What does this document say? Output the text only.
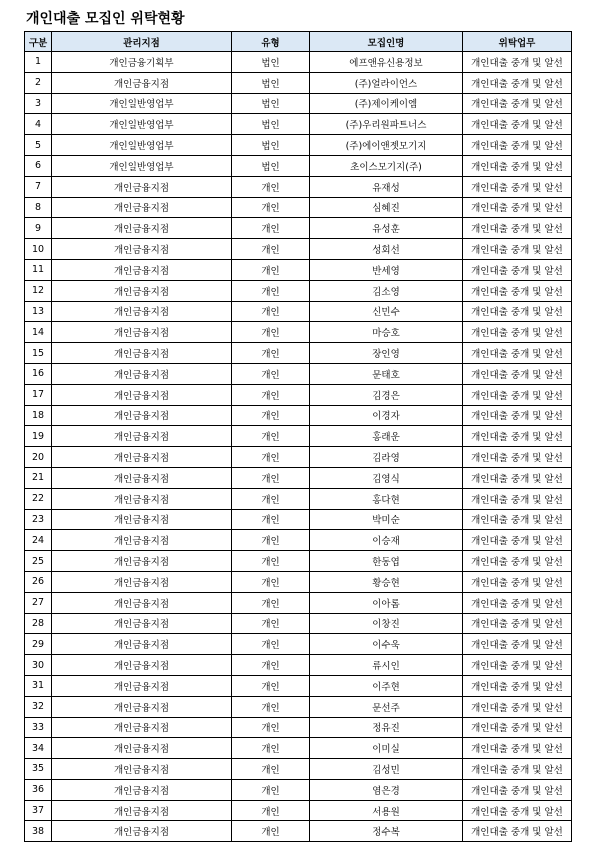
개인대출 모집인 위탁현황
구분	관리지점	유형	모집인명	위탁업무
1	개인금융기획부	법인	에프앤유신용정보	개인대출 중개 및 알선
2	개인금융지점	법인	(주)얼라이언스	개인대출 중개 및 알선
3	개인일반영업부	법인	(주)제이케이엠	개인대출 중개 및 알선
4	개인일반영업부	법인	(주)우리원파트너스	개인대출 중개 및 알선
5	개인일반영업부	법인	(주)에이앤젯모기지	개인대출 중개 및 알선
6	개인일반영업부	법인	초이스모기지(주)	개인대출 중개 및 알선
7	개인금융지점	개인	유재성	개인대출 중개 및 알선
8	개인금융지점	개인	심혜진	개인대출 중개 및 알선
9	개인금융지점	개인	유성훈	개인대출 중개 및 알선
10	개인금융지점	개인	성회선	개인대출 중개 및 알선
11	개인금융지점	개인	반세영	개인대출 중개 및 알선
12	개인금융지점	개인	김소영	개인대출 중개 및 알선
13	개인금융지점	개인	신민수	개인대출 중개 및 알선
14	개인금융지점	개인	마승호	개인대출 중개 및 알선
15	개인금융지점	개인	장인영	개인대출 중개 및 알선
16	개인금융지점	개인	문태호	개인대출 중개 및 알선
17	개인금융지점	개인	김경은	개인대출 중개 및 알선
18	개인금융지점	개인	이경자	개인대출 중개 및 알선
19	개인금융지점	개인	홍래운	개인대출 중개 및 알선
20	개인금융지점	개인	김라영	개인대출 중개 및 알선
21	개인금융지점	개인	김영식	개인대출 중개 및 알선
22	개인금융지점	개인	홍다현	개인대출 중개 및 알선
23	개인금융지점	개인	박미순	개인대출 중개 및 알선
24	개인금융지점	개인	이승재	개인대출 중개 및 알선
25	개인금융지점	개인	한동엽	개인대출 중개 및 알선
26	개인금융지점	개인	황승현	개인대출 중개 및 알선
27	개인금융지점	개인	이아롬	개인대출 중개 및 알선
28	개인금융지점	개인	이창진	개인대출 중개 및 알선
29	개인금융지점	개인	이수욱	개인대출 중개 및 알선
30	개인금융지점	개인	류시인	개인대출 중개 및 알선
31	개인금융지점	개인	이주현	개인대출 중개 및 알선
32	개인금융지점	개인	문선주	개인대출 중개 및 알선
33	개인금융지점	개인	정유진	개인대출 중개 및 알선
34	개인금융지점	개인	이미실	개인대출 중개 및 알선
35	개인금융지점	개인	김성민	개인대출 중개 및 알선
36	개인금융지점	개인	염은경	개인대출 중개 및 알선
37	개인금융지점	개인	서용원	개인대출 중개 및 알선
38	개인금융지점	개인	정수복	개인대출 중개 및 알선
